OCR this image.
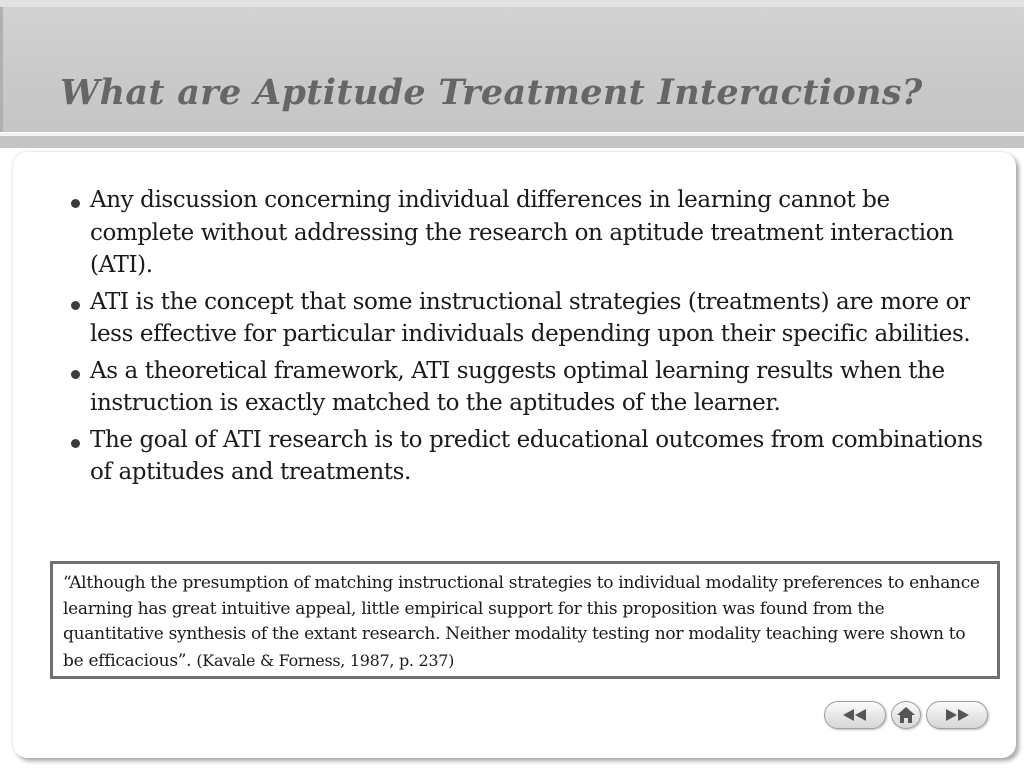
What are Aptitude Treatment Interactions?
Any discussion concerning individual differences in learning cannot be complete without addressing the research on aptitude treatment interaction (ATI).
ATI is the concept that some instructional strategies (treatments) are more or less effective for particular individuals depending upon their specific abilities.
As a theoretical framework, ATI suggests optimal learning results when the instruction is exactly matched to the aptitudes of the learner.
The goal of ATI research is to predict educational outcomes from combinations of aptitudes and treatments.
“Although the presumption of matching instructional strategies to individual modality preferences to enhance learning has great intuitive appeal, little empirical support for this proposition was found from the quantitative synthesis of the extant research. Neither modality testing nor modality teaching were shown to be efficacious”. (Kavale & Forness, 1987, p. 237)
